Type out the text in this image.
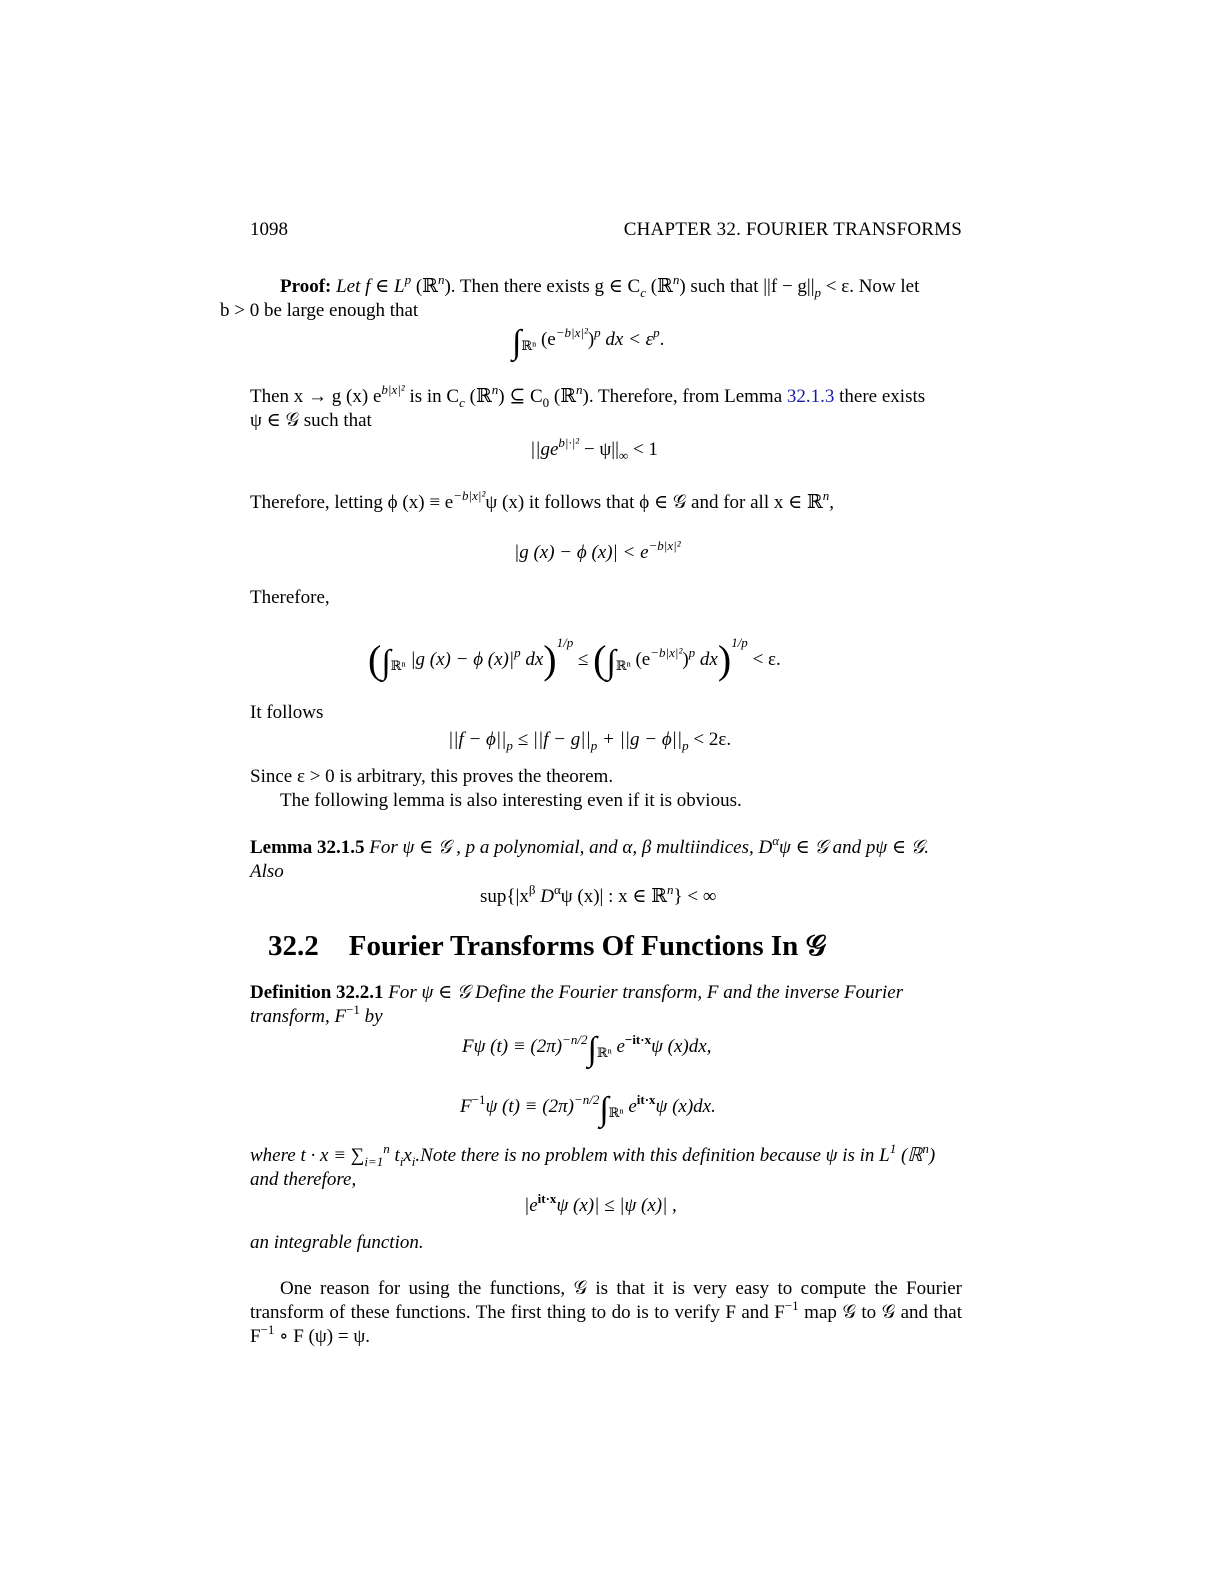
1098	CHAPTER 32. FOURIER TRANSFORMS
Proof: Let f ∈ $L^p$ (ℝ$^n$). Then there exists g ∈ $C_c$ (ℝ$^n$) such that $||f - g||_p < \varepsilon$. Now let
b > 0 be large enough that
$\int_{ℝ^n}$ $(e^{-b|x|^2})^p$ dx < $\varepsilon^p$.
Then x → g (x) $e^{b|x|^2}$ is in $C_c$ (ℝ$^n$) ⊆ $C_0$ (ℝ$^n$). Therefore, from Lemma 32.1.3 there exists
ψ ∈ 𝒢 such that
$||ge^{b|\cdot|^2} - \psi||_\infty < 1$
Therefore, letting ϕ $(x) \equiv e^{-b|x|^2}\psi$ (x) it follows that ϕ ∈ 𝒢 and for all x ∈ ℝ$^n$,
|g (x) − ϕ $(x)| < e^{-b|x|^2}$
Therefore,
($\int_{ℝ^n}$ |g (x) − ϕ $(x)|^p$ $dx)^{1/p} \le (\int_{ℝ^n}$ $(e^{-b|x|^2})^p$ dx)$^{1/p}$ < ε.
It follows
$||f - \phi||_p \le ||f - g||_p + ||g - \phi||_p < 2\varepsilon$.
Since ε > 0 is arbitrary, this proves the theorem.
The following lemma is also interesting even if it is obvious.
Lemma 32.1.5 For ψ ∈ 𝒢 , p a polynomial, and α, β multiindices, $D^\alpha\psi$ ∈ 𝒢 and pψ ∈ 𝒢.
Also
$sup\{|x^\beta$ $D^\alpha\psi$ (x)| : x ∈ ℝ$^n$} < ∞
32.2 Fourier Transforms Of Functions In 𝒢
Definition 32.2.1 For ψ ∈ 𝒢 Define the Fourier transform, F and the inverse Fourier
transform, $F^{-1}$ by
Fψ $(t) \equiv (2\pi)^{-n/2}\int_{ℝ^n}$ $e^{-it\cdot x}\psi$ (x)dx,
$F^{-1}\psi$ $(t) \equiv (2\pi)^{-n/2}\int_{ℝ^n}$ $e^{it\cdot x}\psi$ (x)dx.
where $t \cdot x \equiv \sum_{i=1}^n$ $t_ix_i.Note$ there is no problem with this definition because ψ is in $L^1$ (ℝ$^n$)
and therefore,
$|e^{it\cdot x}\psi$ (x)| ≤ |ψ (x)| ,
an integrable function.
One reason for using the functions, 𝒢 is that it is very easy to compute the Fourier transform of these functions. The first thing to do is to verify F and $F^{-1}$ map 𝒢 to 𝒢 and that $F^{-1}$ ∘ F (ψ) = ψ.
